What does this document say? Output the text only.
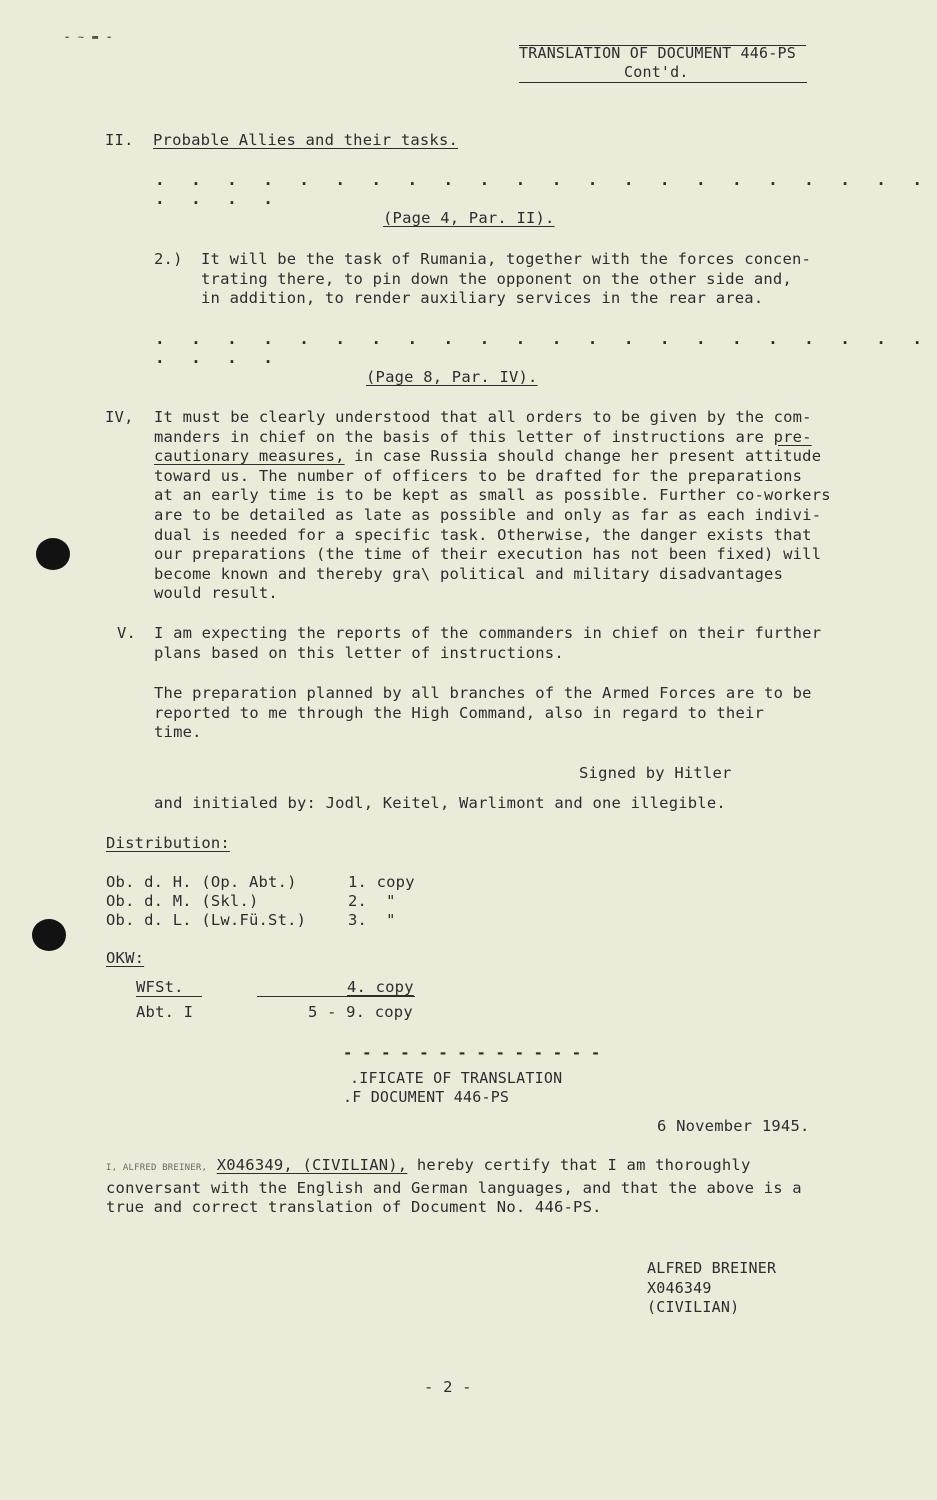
- ~ ▬ -
TRANSLATION OF DOCUMENT 446-PS
Cont'd.
II. Probable Allies and their tasks.
. . . . . . . . . . . . . . . . . . . . . . . . . .
(Page 4, Par. II).
2.) It will be the task of Rumania, together with the forces concen-

trating there, to pin down the opponent on the other side and,

in addition, to render auxiliary services in the rear area.

. . . . . . . . . . . . . . . . . . . . . . . . . .
(Page 8, Par. IV).
IV, It must be clearly understood that all orders to be given by the com-

manders in chief on the basis of this letter of instructions are pre-

cautionary measures, in case Russia should change her present attitude

toward us. The number of officers to be drafted for the preparations

at an early time is to be kept as small as possible. Further co-workers

are to be detailed as late as possible and only as far as each indivi-

dual is needed for a specific task. Otherwise, the danger exists that

our preparations (the time of their execution has not been fixed) will

become known and thereby gra\ political and military disadvantages

would result.

V. I am expecting the reports of the commanders in chief on their further

plans based on this letter of instructions.

The preparation planned by all branches of the Armed Forces are to be

reported to me through the High Command, also in regard to their

time.

Signed by Hitler
and initialed by: Jodl, Keitel, Warlimont and one illegible.
Distribution:
Ob. d. H. (Op. Abt.)	1. copy
Ob. d. M. (Skl.)	2.  "
Ob. d. L. (Lw.Fü.St.)	3.  "
OKW:
WFSt.	4. copy
Abt. I	5 - 9. copy
- - - - - - - - - - - - - -
.IFICATE OF TRANSLATION
.F DOCUMENT 446-PS
6 November 1945.

I, ALFRED BREINER, X046349, (CIVILIAN), hereby certify that I am thoroughly

conversant with the English and German languages, and that the above is a

true and correct translation of Document No. 446-PS.

ALFRED BREINER
X046349
(CIVILIAN)
- 2 -
